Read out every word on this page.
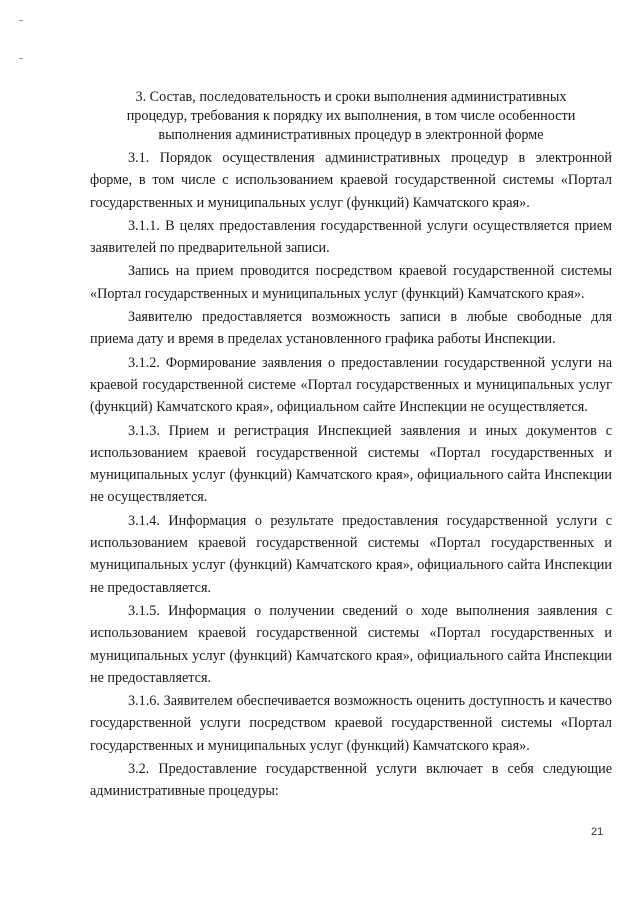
3. Состав, последовательность и сроки выполнения административных
процедур, требования к порядку их выполнения, в том числе особенности
выполнения административных процедур в электронной форме

3.1. Порядок осуществления административных процедур в электронной форме, в том числе с использованием краевой государственной системы «Портал государственных и муниципальных услуг (функций) Камчатского края».

3.1.1. В целях предоставления государственной услуги осуществляется прием заявителей по предварительной записи.

Запись на прием проводится посредством краевой государственной системы «Портал государственных и муниципальных услуг (функций) Камчатского края».

Заявителю предоставляется возможность записи в любые свободные для приема дату и время в пределах установленного графика работы Инспекции.

3.1.2. Формирование заявления о предоставлении государственной услуги на краевой государственной системе «Портал государственных и муниципальных услуг (функций) Камчатского края», официальном сайте Инспекции не осуществляется.

3.1.3. Прием и регистрация Инспекцией заявления и иных документов с использованием краевой государственной системы «Портал государственных и муниципальных услуг (функций) Камчатского края», официального сайта Инспекции не осуществляется.

3.1.4. Информация о результате предоставления государственной услуги с использованием краевой государственной системы «Портал государственных и муниципальных услуг (функций) Камчатского края», официального сайта Инспекции не предоставляется.

3.1.5. Информация о получении сведений о ходе выполнения заявления с использованием краевой государственной системы «Портал государственных и муниципальных услуг (функций) Камчатского края», официального сайта Инспекции не предоставляется.

3.1.6. Заявителем обеспечивается возможность оценить доступность и качество государственной услуги посредством краевой государственной системы «Портал государственных и муниципальных услуг (функций) Камчатского края».

3.2. Предоставление государственной услуги включает в себя следующие административные процедуры:

21
